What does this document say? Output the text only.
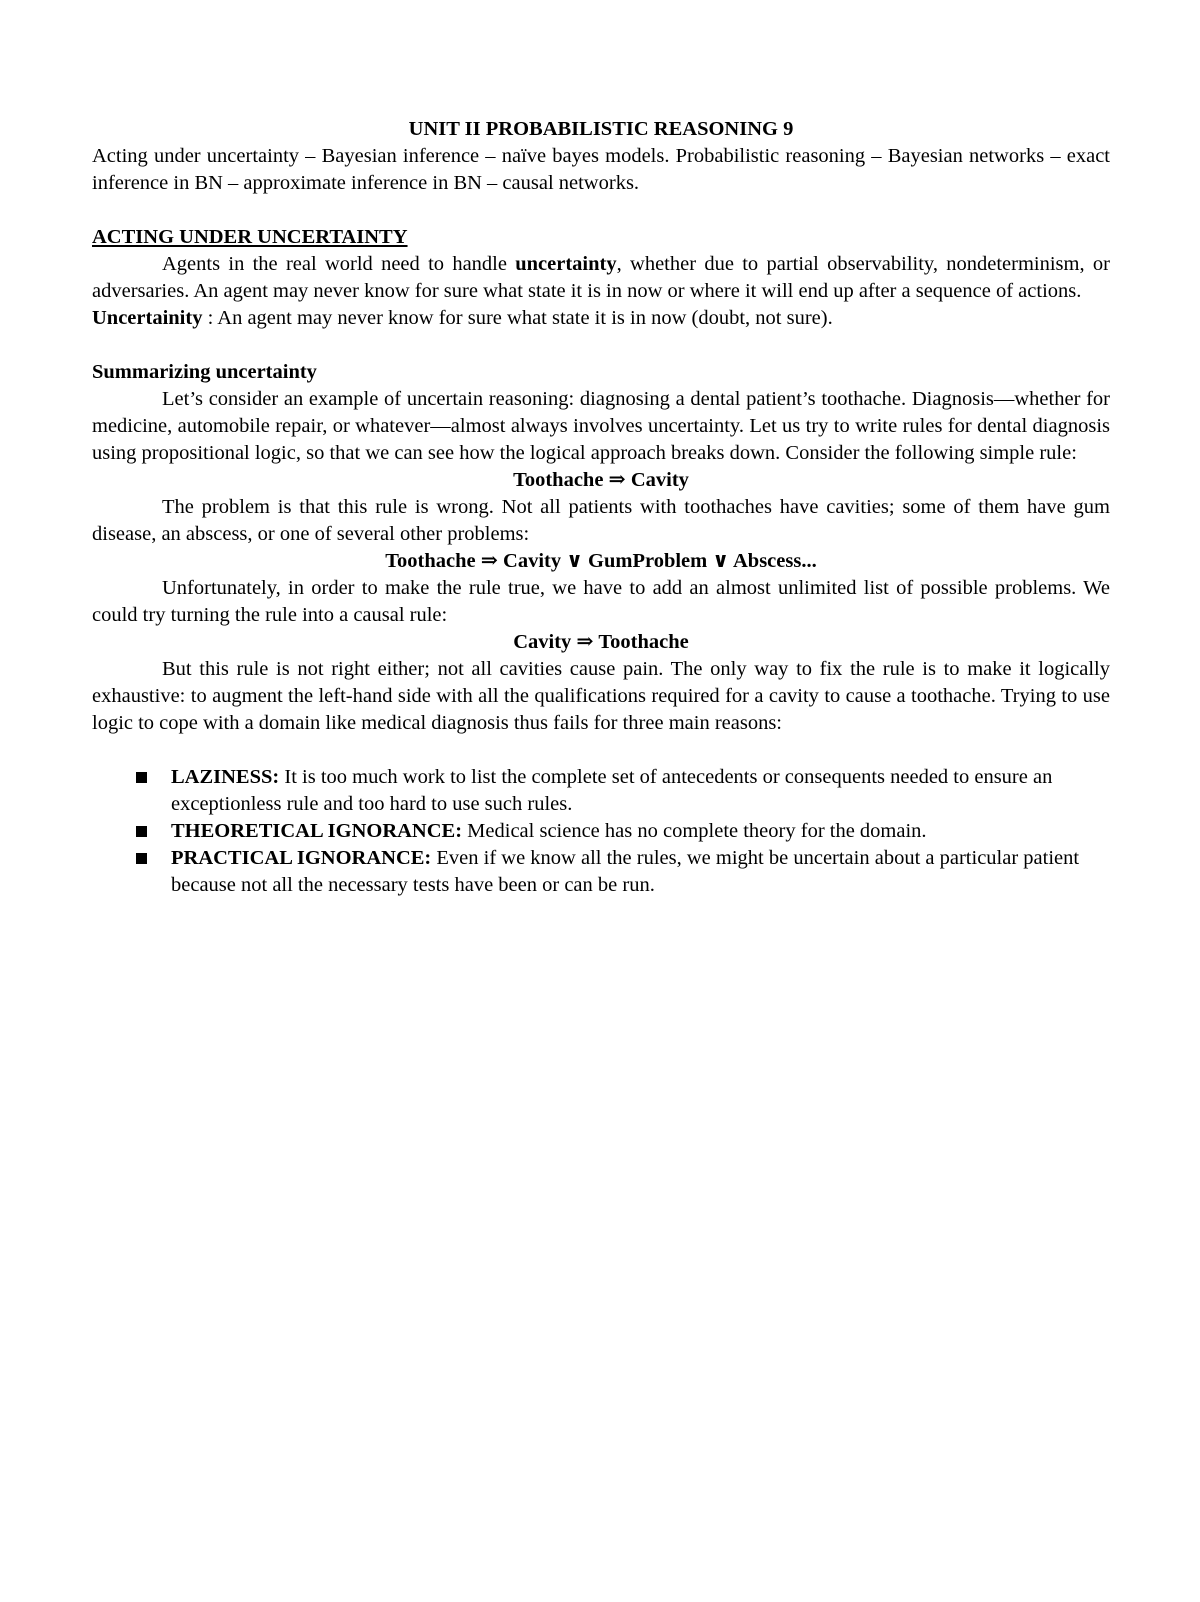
UNIT II PROBABILISTIC REASONING 9

Acting under uncertainty – Bayesian inference – naïve bayes models. Probabilistic reasoning – Bayesian networks – exact inference in BN – approximate inference in BN – causal networks.

ACTING UNDER UNCERTAINTY

Agents in the real world need to handle uncertainty, whether due to partial observability, nondeterminism, or adversaries. An agent may never know for sure what state it is in now or where it will end up after a sequence of actions.

Uncertainity : An agent may never know for sure what state it is in now (doubt, not sure).

Summarizing uncertainty

Let’s consider an example of uncertain reasoning: diagnosing a dental patient’s toothache. Diagnosis—whether for medicine, automobile repair, or whatever—almost always involves uncertainty. Let us try to write rules for dental diagnosis using propositional logic, so that we can see how the logical approach breaks down. Consider the following simple rule:

Toothache ⇒ Cavity

The problem is that this rule is wrong. Not all patients with toothaches have cavities; some of them have gum disease, an abscess, or one of several other problems:

Toothache ⇒ Cavity ∨ GumProblem ∨ Abscess...

Unfortunately, in order to make the rule true, we have to add an almost unlimited list of possible problems. We could try turning the rule into a causal rule:

Cavity ⇒ Toothache

But this rule is not right either; not all cavities cause pain. The only way to fix the rule is to make it logically exhaustive: to augment the left-hand side with all the qualifications required for a cavity to cause a toothache. Trying to use logic to cope with a domain like medical diagnosis thus fails for three main reasons:

LAZINESS: It is too much work to list the complete set of antecedents or consequents needed to ensure an exceptionless rule and too hard to use such rules.
THEORETICAL IGNORANCE: Medical science has no complete theory for the domain.
PRACTICAL IGNORANCE: Even if we know all the rules, we might be uncertain about a particular patient because not all the necessary tests have been or can be run.
